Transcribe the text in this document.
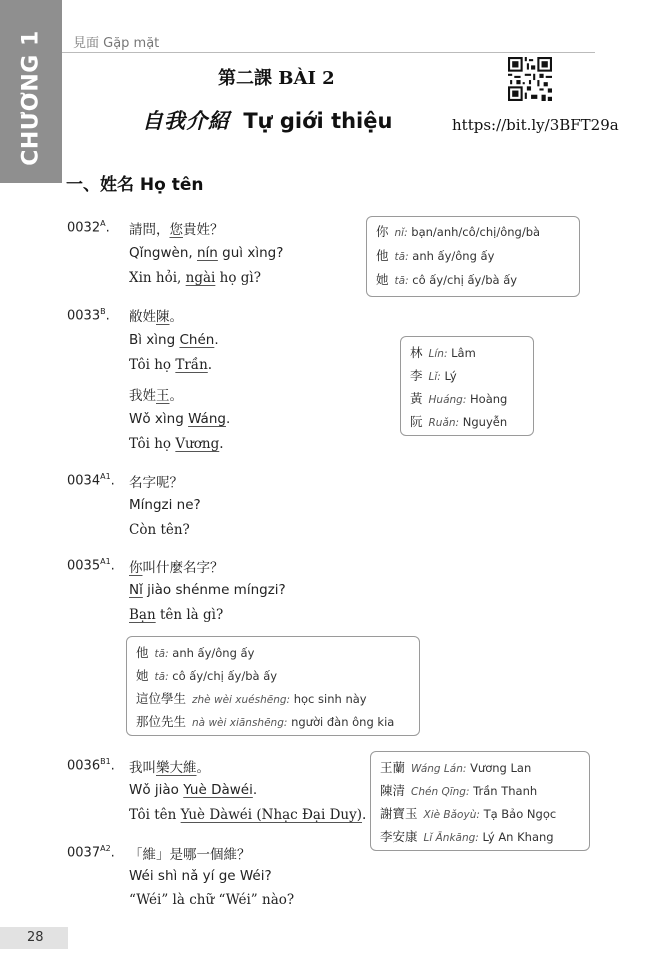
CHƯƠNG 1 見面 Gặp mặt
第二課 BÀI 2
自我介紹 Tự giới thiệu	https://bit.ly/3BFT29a
一、姓名 Họ tên
$0032^A$. 請問，您貴姓？
Qǐngwèn, nín guì xìng?
Xin hỏi, ngài họ gì?
$0033^B$. 敝姓陳。
Bì xìng Chén.
Tôi họ Trần.
我姓王。
Wǒ xìng Wáng.
Tôi họ Vương.
$0034^{A1}$. 名字呢？
Míngzi ne?
Còn tên?
$0035^{A1}$. 你叫什麼名字？
Nǐ jiào shénme míngzi?
Bạn tên là gì?
$0036^{B1}$. 我叫樂大維。
Wǒ jiào Yuè Dàwéi.
Tôi tên Yuè Dàwéi (Nhạc Đại Duy).
$0037^{A2}$. 「維」是哪一個維？
Wéi shì nǎ yí ge Wéi?
“Wéi” là chữ “Wéi” nào?
你 nǐ: bạn/anh/cô/chị/ông/bà
他 tā: anh ấy/ông ấy
她 tā: cô ấy/chị ấy/bà ấy
林 Lín: Lâm
李 Lǐ: Lý
黃 Huáng: Hoàng
阮 Ruǎn: Nguyễn
他 tā: anh ấy/ông ấy
她 tā: cô ấy/chị ấy/bà ấy
這位學生 zhè wèi xuéshēng: học sinh này
那位先生 nà wèi xiānshēng: người đàn ông kia
王蘭 Wáng Lán: Vương Lan
陳清 Chén Qīng: Trần Thanh
謝寶玉 Xiè Bǎoyù: Tạ Bảo Ngọc
李安康 Lǐ Ānkāng: Lý An Khang
28
